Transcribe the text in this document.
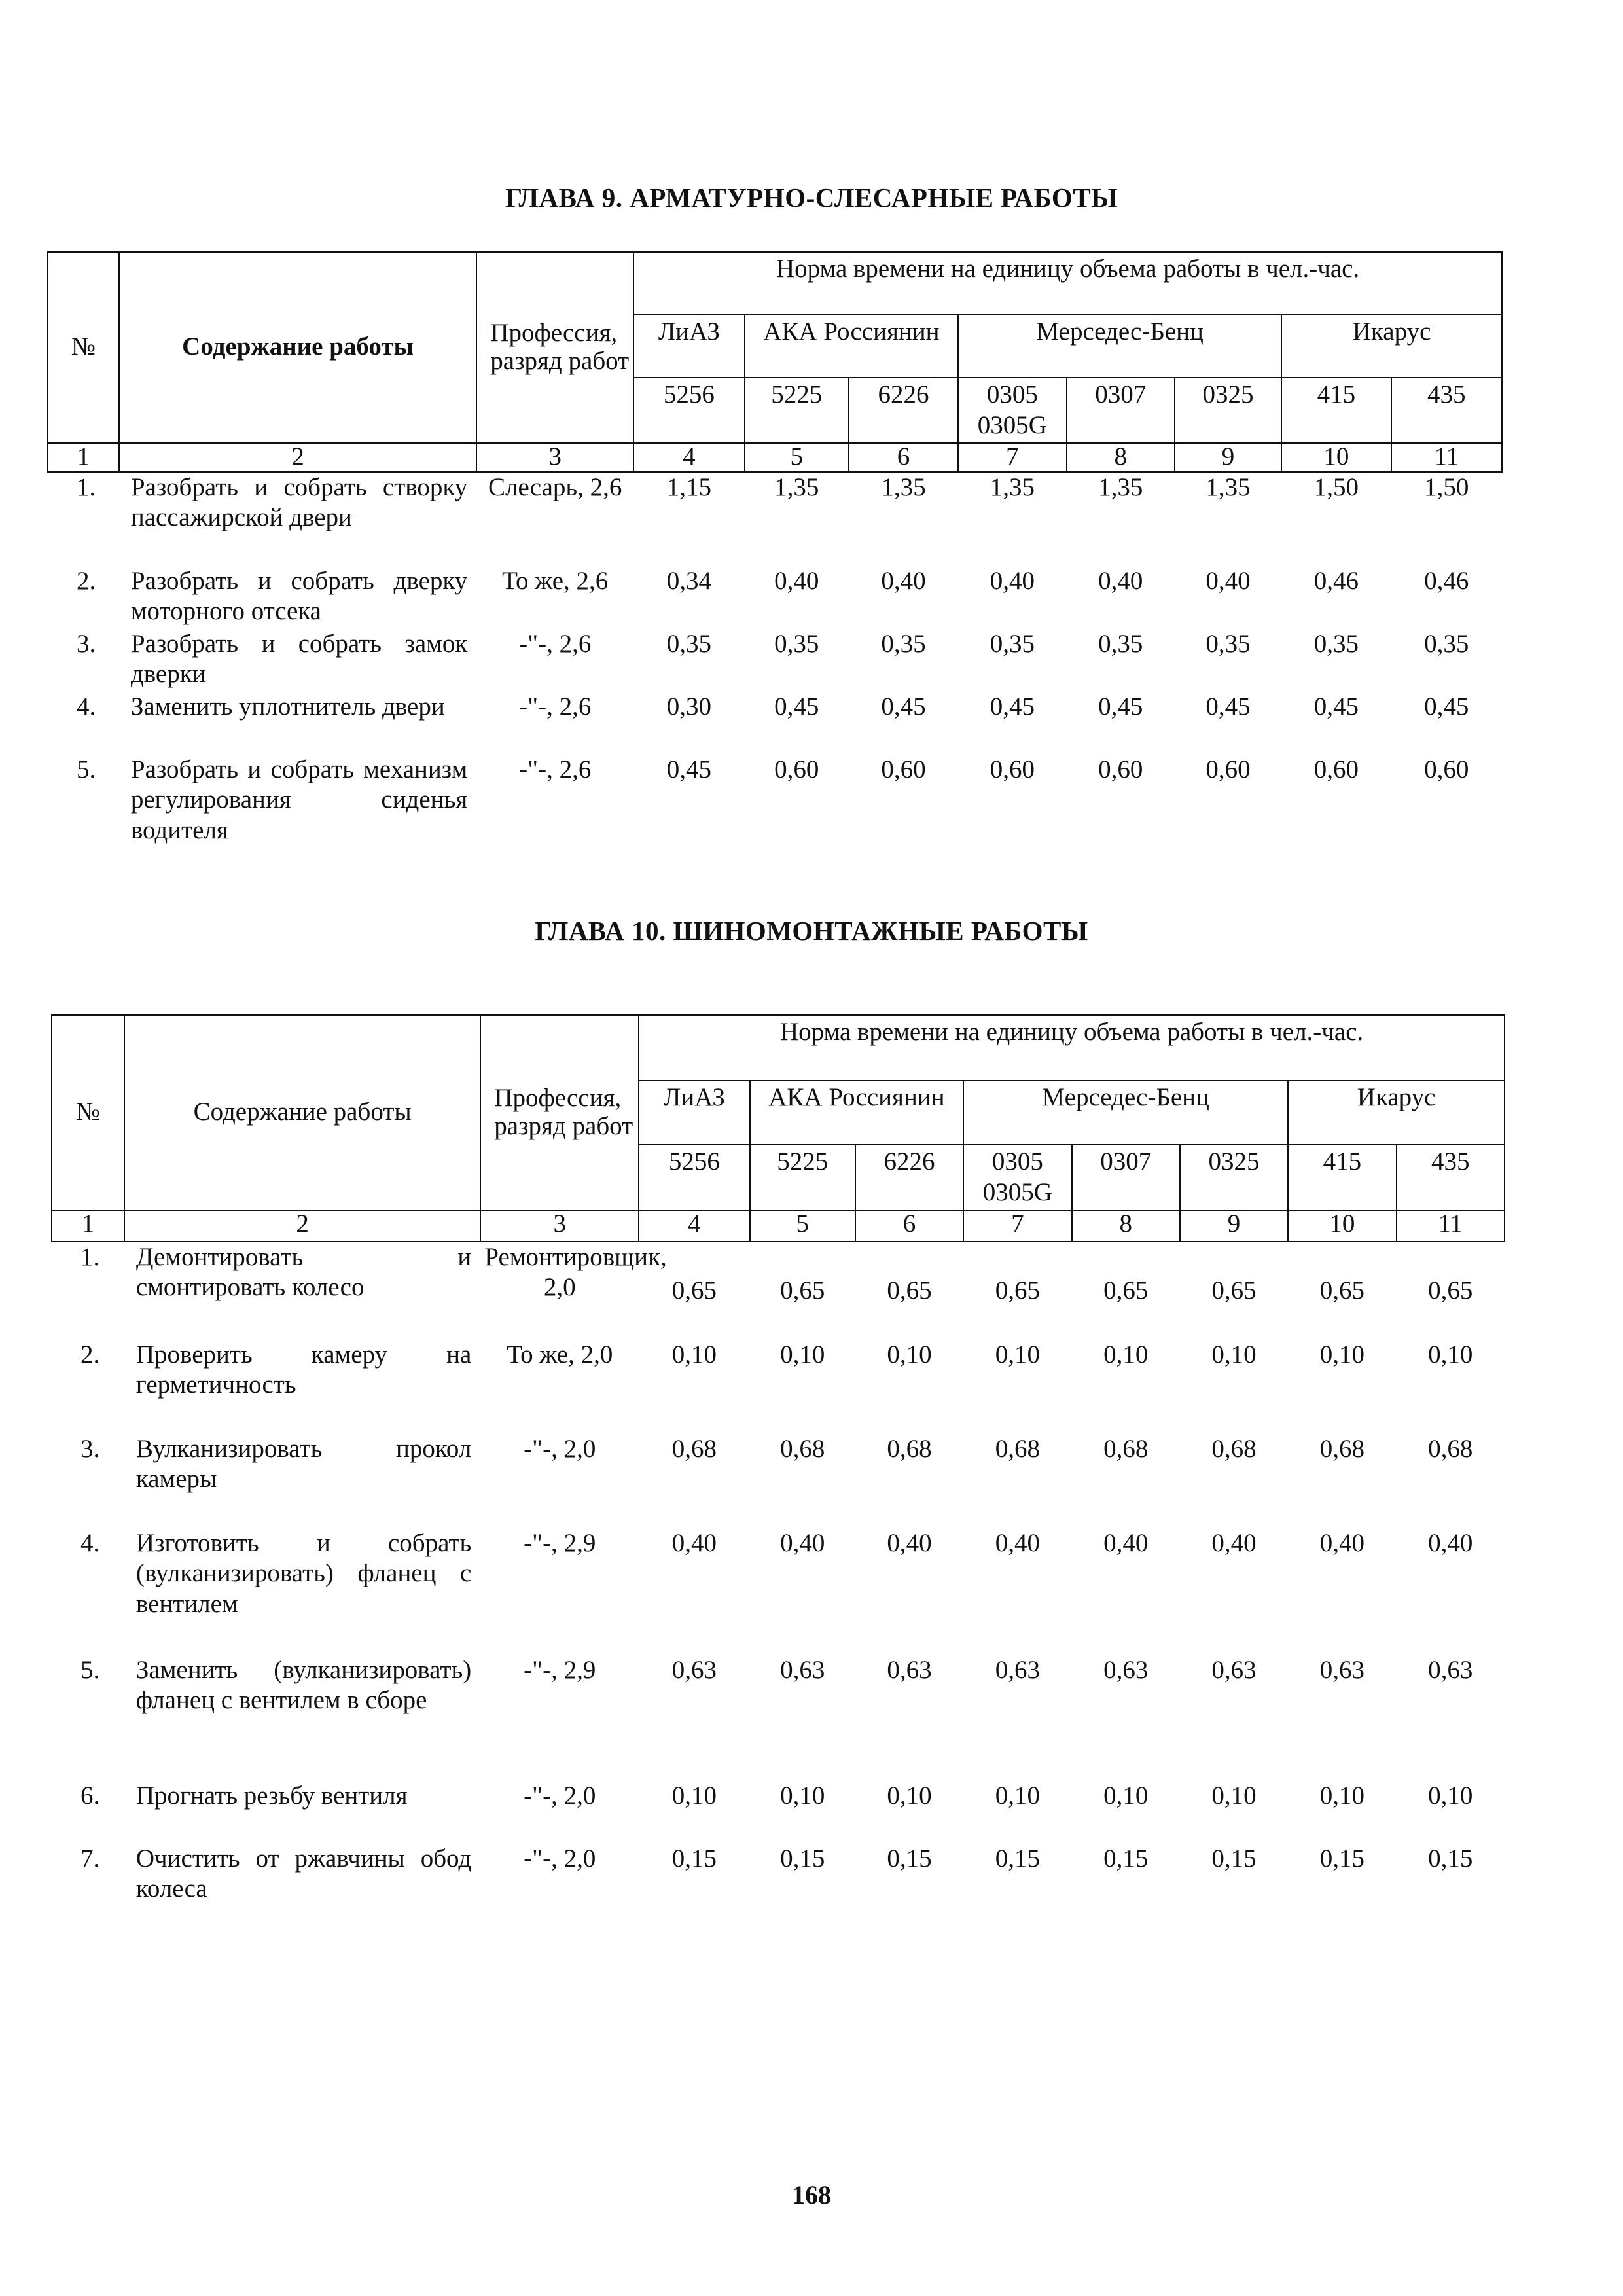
ГЛАВА 9. АРМАТУРНО-СЛЕСАРНЫЕ РАБОТЫ
№	Содержание работы	Профессия, разряд работ	Норма времени на единицу объема работы в чел.-час.							
			ЛиАЗ	АКА Россиянин		Мерседес-Бенц			Икарус	
			5256	5225	6226	0305 0305G	0307	0325	415	435
1	2	3	4	5	6	7	8	9	10	11
1.	Разобрать и собрать створку пассажирской двери	Слесарь, 2,6	1,15	1,35	1,35	1,35	1,35	1,35	1,50	1,50
2.	Разобрать и собрать дверку моторного отсека	То же, 2,6	0,34	0,40	0,40	0,40	0,40	0,40	0,46	0,46
3.	Разобрать и собрать замок дверки	-"-, 2,6	0,35	0,35	0,35	0,35	0,35	0,35	0,35	0,35
4.	Заменить уплотнитель двери	-"-, 2,6	0,30	0,45	0,45	0,45	0,45	0,45	0,45	0,45
5.	Разобрать и собрать механизм регулирования сиденья водителя	-"-, 2,6	0,45	0,60	0,60	0,60	0,60	0,60	0,60	0,60
ГЛАВА 10. ШИНОМОНТАЖНЫЕ РАБОТЫ
№	Содержание работы	Профессия, разряд работ	Норма времени на единицу объема работы в чел.-час.							
			ЛиАЗ	АКА Россиянин		Мерседес-Бенц			Икарус	
			5256	5225	6226	0305 0305G	0307	0325	415	435
1	2	3	4	5	6	7	8	9	10	11
1.	Демонтировать и смонтировать колесо	Ремонтировщик, 2,0	0,65	0,65	0,65	0,65	0,65	0,65	0,65	0,65
2.	Проверить камеру на герметичность	То же, 2,0	0,10	0,10	0,10	0,10	0,10	0,10	0,10	0,10
3.	Вулканизировать прокол камеры	-"-, 2,0	0,68	0,68	0,68	0,68	0,68	0,68	0,68	0,68
4.	Изготовить и собрать (вулканизировать) фланец с вентилем	-"-, 2,9	0,40	0,40	0,40	0,40	0,40	0,40	0,40	0,40
5.	Заменить (вулканизировать) фланец с вентилем в сборе	-"-, 2,9	0,63	0,63	0,63	0,63	0,63	0,63	0,63	0,63
6.	Прогнать резьбу вентиля	-"-, 2,0	0,10	0,10	0,10	0,10	0,10	0,10	0,10	0,10
7.	Очистить от ржавчины обод колеса	-"-, 2,0	0,15	0,15	0,15	0,15	0,15	0,15	0,15	0,15
168
